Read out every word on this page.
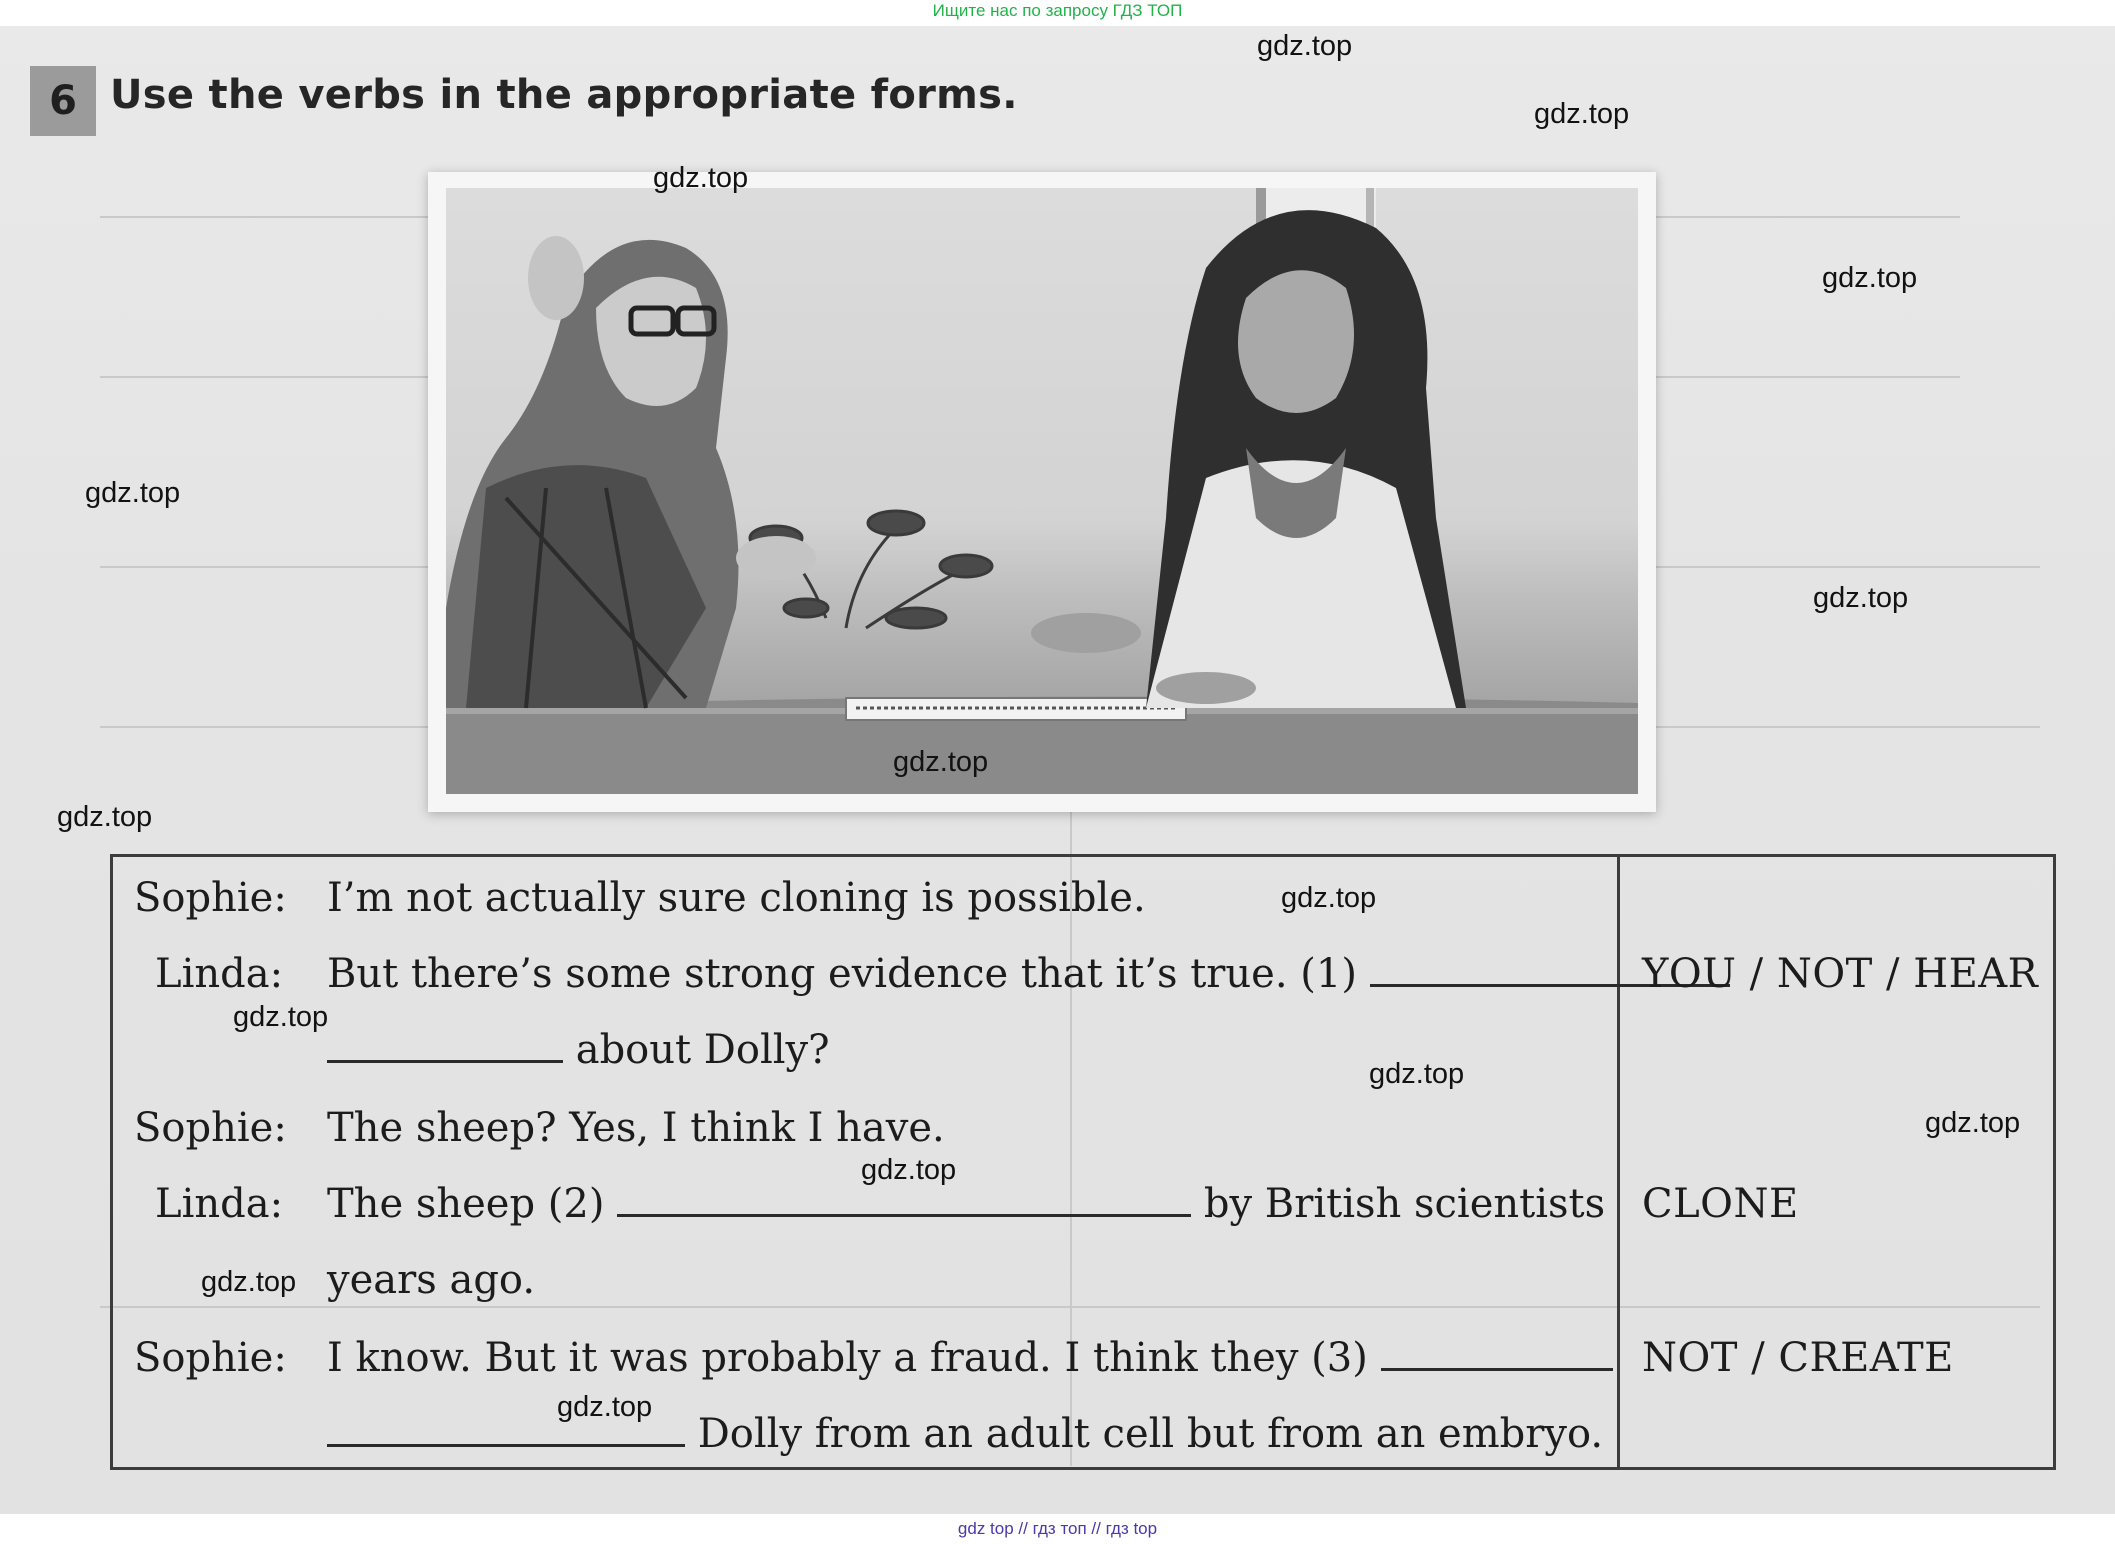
Ищите нас по запросу ГДЗ ТОП
6 Use the verbs in the appropriate forms.
Sophie: I’m not actually sure cloning is possible.
Linda: But there’s some strong evidence that it’s true. (1)
about Dolly?
YOU / NOT / HEAR
Sophie: The sheep? Yes, I think I have.
Linda: The sheep (2)	by British scientists
years ago.
CLONE
Sophie: I know. But it was probably a fraud. I think they (3)
Dolly from an adult cell but from an embryo.
NOT / CREATE
gdz.top
gdz.top
gdz.top
gdz.top
gdz.top
gdz.top
gdz.top
gdz.top
gdz.top
gdz.top
gdz.top
gdz.top
gdz.top
gdz.top
gdz.top
gdz top // гдз топ // гдз top
